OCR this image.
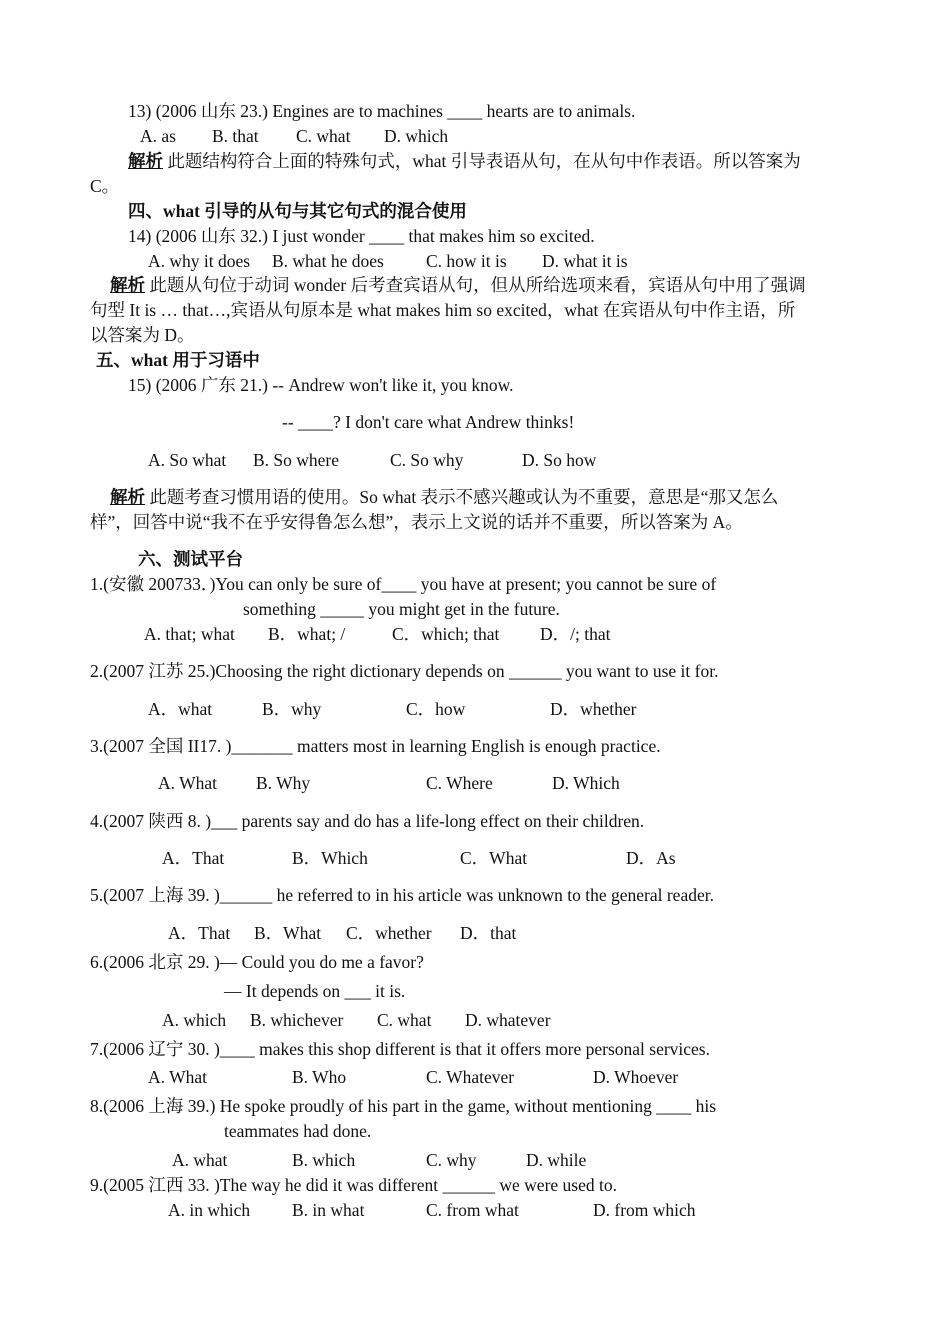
13) (2006 山东 23.) Engines are to machines ____ hearts are to animals.
A. as B. that C. what D. which
解析 此题结构符合上面的特殊句式，what 引导表语从句，在从句中作表语。所以答案为
C。
四、what 引导的从句与其它句式的混合使用
14) (2006 山东 32.) I just wonder ____ that makes him so excited.
A. why it does B. what he does C. how it is D. what it is
解析 此题从句位于动词 wonder 后考查宾语从句，但从所给选项来看，宾语从句中用了强调
句型 It is … that…,宾语从句原本是 what makes him so excited，what 在宾语从句中作主语，所
以答案为 D。
五、what 用于习语中
15) (2006 广东 21.) -- Andrew won't like it, you know.
-- ____? I don't care what Andrew thinks!
A. So what B. So where	C. So why	D. So how
解析 此题考查习惯用语的使用。So what 表示不感兴趣或认为不重要，意思是“那又怎么
样”，回答中说“我不在乎安得鲁怎么想”，表示上文说的话并不重要，所以答案为 A。
六、测试平台
1.(安徽 200733．)You can only be sure of____ you have at present; you cannot be sure of
something _____ you might get in the future.
A. that; what B．what; /	C．which; that D．/; that
2.(2007 江苏 25.)Choosing the right dictionary depends on ______ you want to use it for.
A．what	B．why	C．how	D．whether
3.(2007 全国 II17. )_______ matters most in learning English is enough practice.
A. What B. Why	C. Where	D. Which
4.(2007 陕西 8. )___ parents say and do has a life-long effect on their children.
A．That	B．Which	C．What	D．As
5.(2007 上海 39. )______ he referred to in his article was unknown to the general reader.
A．That B．What C．whether D．that
6.(2006 北京 29. )— Could you do me a favor?
— It depends on ___ it is.
A. which B. whichever C. what D. whatever
7.(2006 辽宁 30. )____ makes this shop different is that it offers more personal services.
A. What	B. Who	C. Whatever	D. Whoever
8.(2006 上海 39.) He spoke proudly of his part in the game, without mentioning ____ his
teammates had done.
A. what	B. which	C. why	D. while
9.(2005 江西 33. )The way he did it was different ______ we were used to.
A. in which B. in what	C. from what	D. from which
